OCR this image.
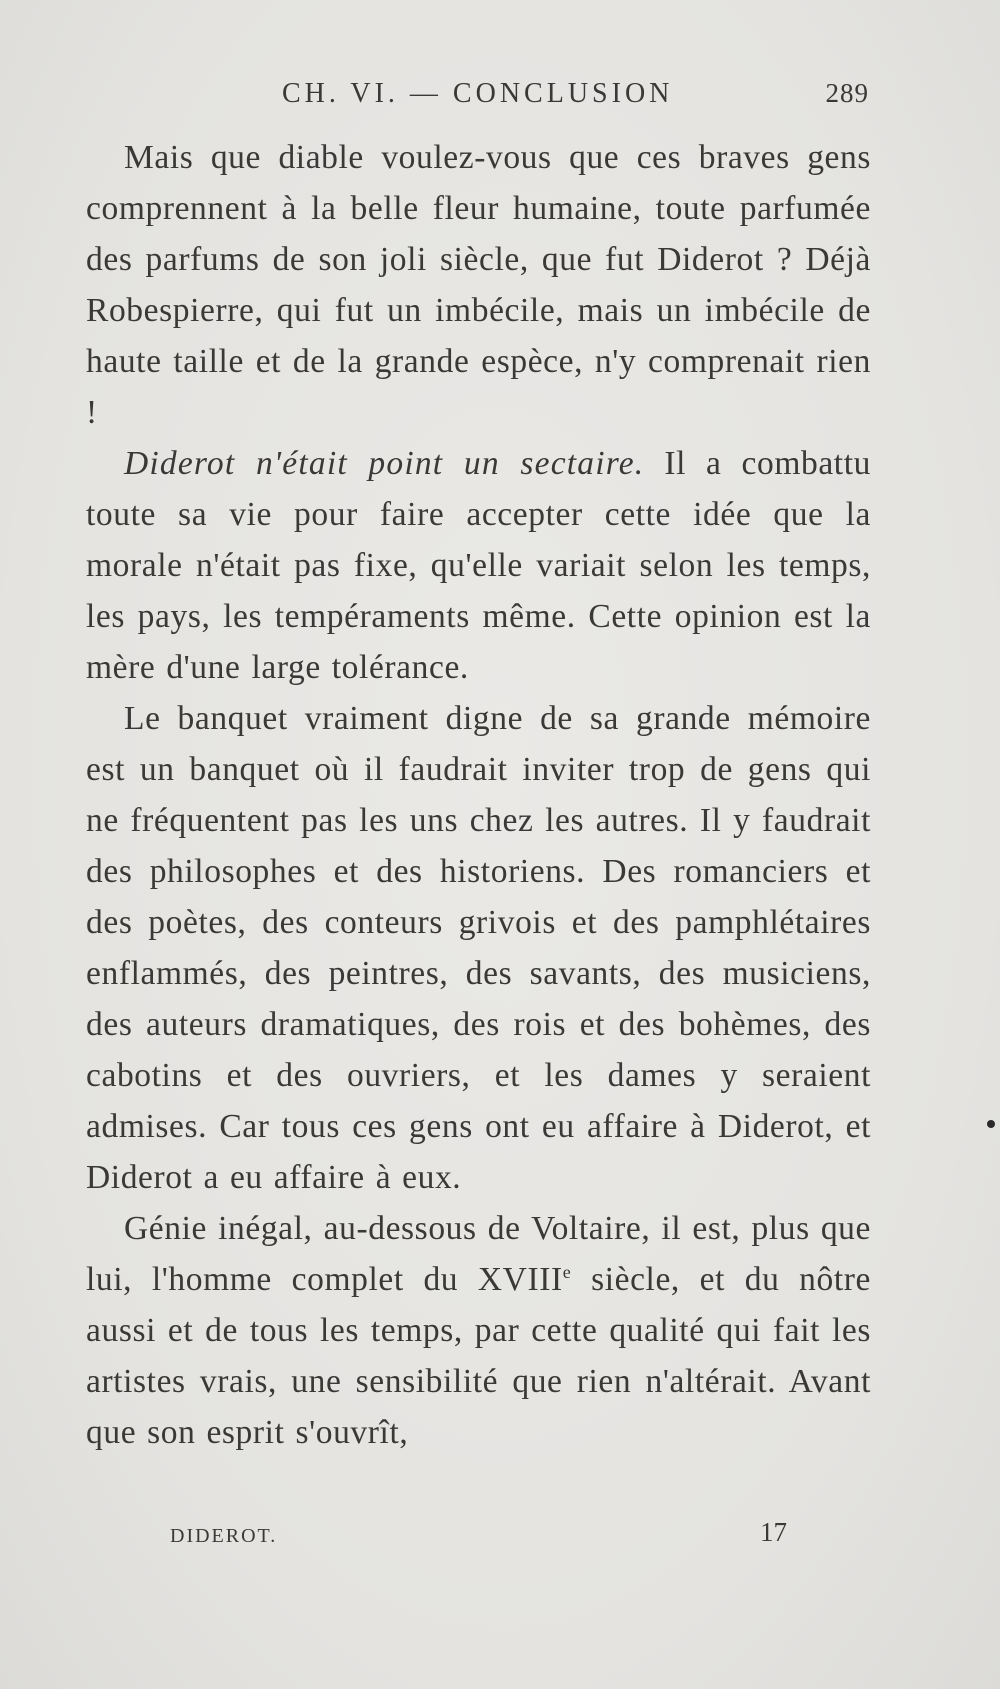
CH. VI. — CONCLUSION	289

Mais que diable voulez-vous que ces braves gens comprennent à la belle fleur humaine, toute parfumée des parfums de son joli siècle, que fut Diderot ? Déjà Robespierre, qui fut un imbécile, mais un imbécile de haute taille et de la grande espèce, n'y comprenait rien !

Diderot n'était point un sectaire. Il a combattu toute sa vie pour faire accepter cette idée que la morale n'était pas fixe, qu'elle variait selon les temps, les pays, les tempéraments même. Cette opinion est la mère d'une large tolérance.

Le banquet vraiment digne de sa grande mémoire est un banquet où il faudrait inviter trop de gens qui ne fréquentent pas les uns chez les autres. Il y faudrait des philosophes et des historiens. Des romanciers et des poètes, des conteurs grivois et des pamphlétaires enflammés, des peintres, des savants, des musiciens, des auteurs dramatiques, des rois et des bohèmes, des cabotins et des ouvriers, et les dames y seraient admises. Car tous ces gens ont eu affaire à Diderot, et Diderot a eu affaire à eux.

Génie inégal, au-dessous de Voltaire, il est, plus que lui, l'homme complet du XVIIIe siècle, et du nôtre aussi et de tous les temps, par cette qualité qui fait les artistes vrais, une sensibilité que rien n'altérait. Avant que son esprit s'ouvrît,

DIDEROT.	17
